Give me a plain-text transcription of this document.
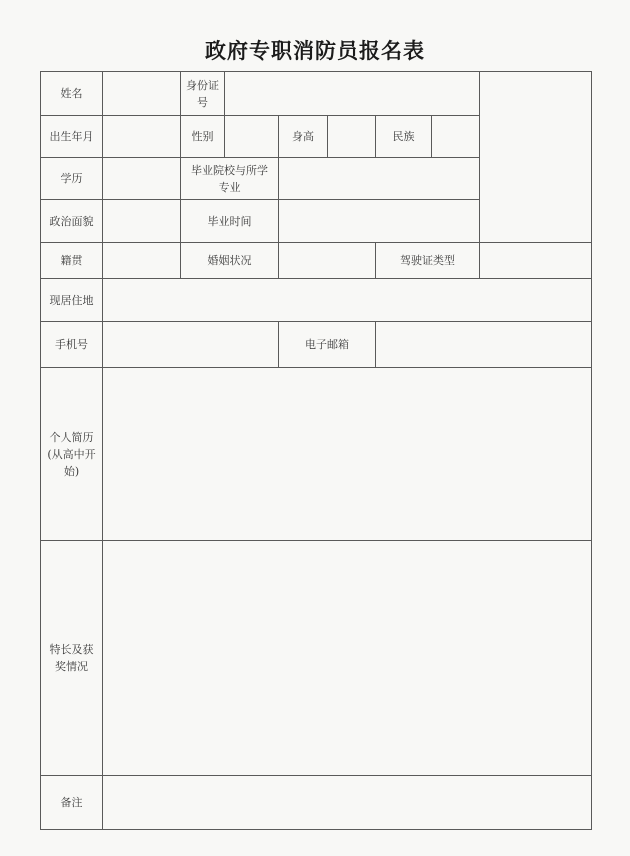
政府专职消防员报名表
姓名		身份证号						
出生年月		性别		身高		民族		
学历		毕业院校与所学专业						
政治面貌		毕业时间						
籍贯		婚姻状况				驾驶证类型		
现居住地								
手机号				电子邮箱				
个人简历(从高中开始)								
特长及获奖情况								
备注								
